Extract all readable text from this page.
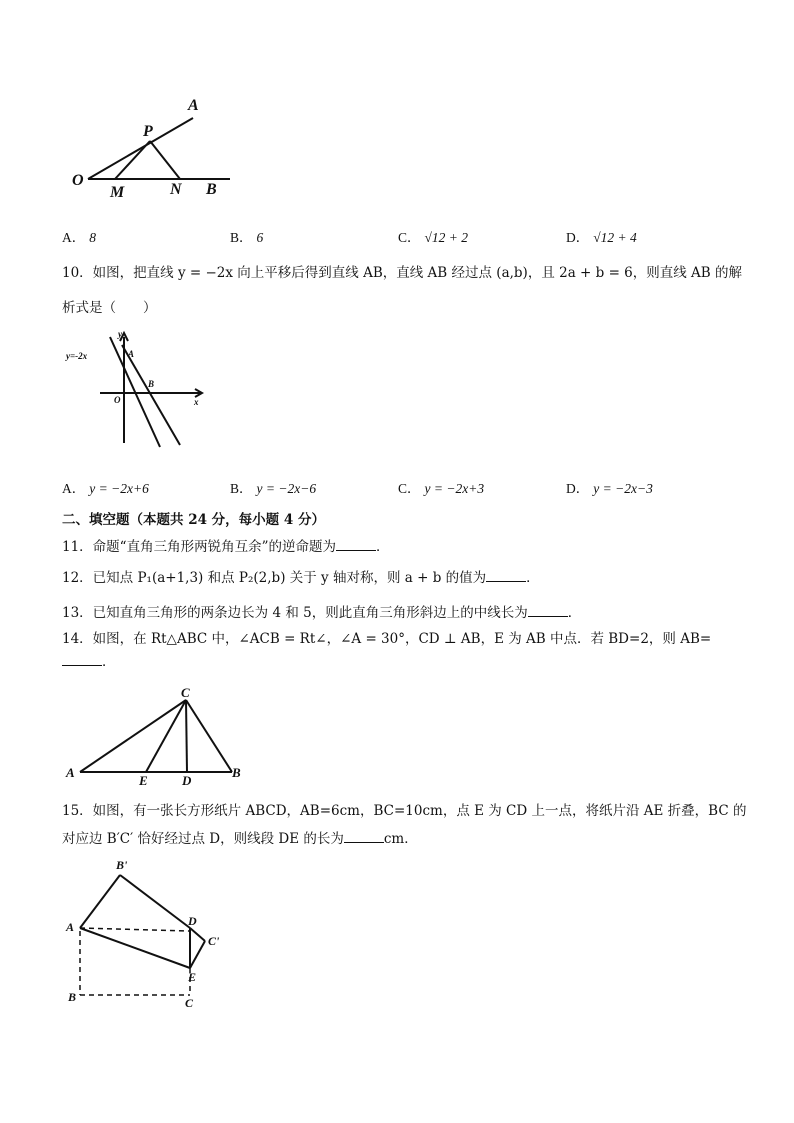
A
P
O
M	N B
A． 8	B． 6	C． √12 + 2	D． √12 + 4
10．如图，把直线 y = −2x 向上平移后得到直线 AB，直线 AB 经过点 (a,b)，且 2a + b = 6，则直线 AB 的解
析式是（　　）
y=-2x
y
A
B
O	x
A． y = −2x+6	B． y = −2x−6	C． y = −2x+3	D． y = −2x−3
二、填空题（本题共 24 分，每小题 4 分）
11．命题“直角三角形两锐角互余”的逆命题为	．
12．已知点 P₁(a+1,3) 和点 P₂(2,b) 关于 y 轴对称，则 a + b 的值为	．
13．已知直角三角形的两条边长为 4 和 5，则此直角三角形斜边上的中线长为	．
14．如图，在 Rt△ABC 中，∠ACB = Rt∠，∠A = 30°，CD ⊥ AB，E 为 AB 中点．若 BD=2，则 AB=
．
C
A
E	D
B
15．如图，有一张长方形纸片 ABCD，AB=6cm，BC=10cm，点 E 为 CD 上一点，将纸片沿 AE 折叠，BC 的
对应边 B′C′ 恰好经过点 D，则线段 DE 的长为	cm．
B'
A	D
C'
E
B	C
